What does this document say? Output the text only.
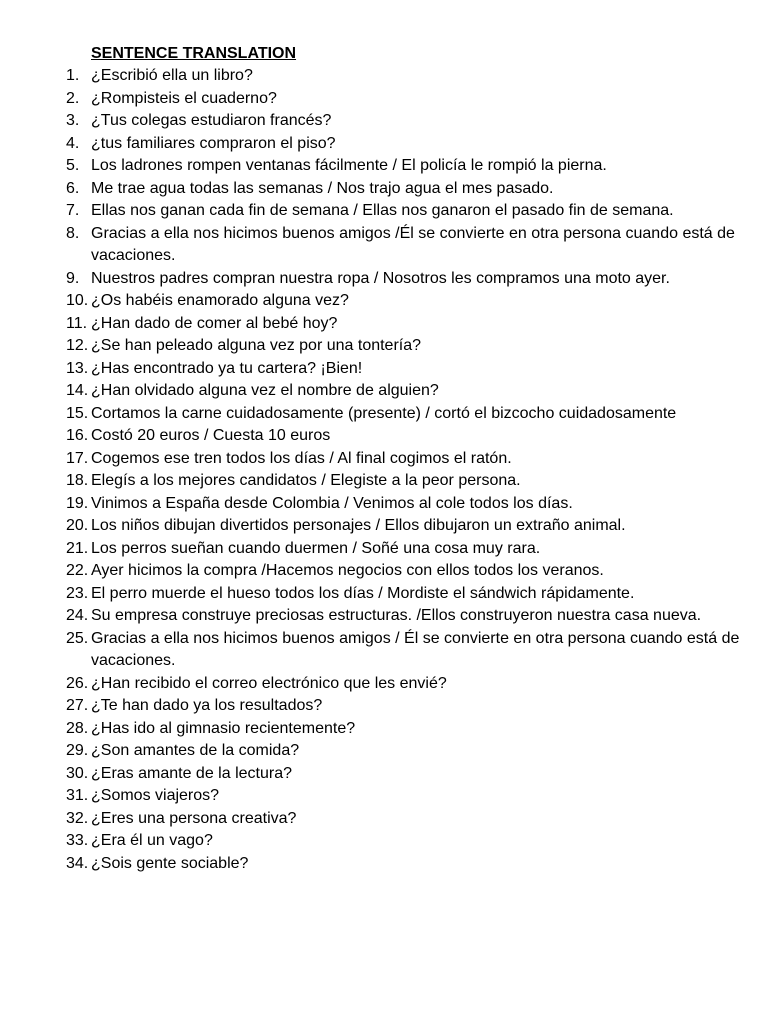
SENTENCE TRANSLATION
1. ¿Escribió ella un libro?
2. ¿Rompisteis el cuaderno?
3. ¿Tus colegas estudiaron francés?
4. ¿tus familiares compraron el piso?
5. Los ladrones rompen ventanas fácilmente / El policía le rompió la pierna.
6. Me trae agua todas las semanas / Nos trajo agua el mes pasado.
7. Ellas nos ganan cada fin de semana / Ellas nos ganaron el pasado fin de semana.
8. Gracias a ella nos hicimos buenos amigos /Él se convierte en otra persona cuando está de vacaciones.
9. Nuestros padres compran nuestra ropa / Nosotros les compramos una moto ayer.
10. ¿Os habéis enamorado alguna vez?
11. ¿Han dado de comer al bebé hoy?
12. ¿Se han peleado alguna vez por una tontería?
13. ¿Has encontrado ya tu cartera? ¡Bien!
14. ¿Han olvidado alguna vez el nombre de alguien?
15. Cortamos la carne cuidadosamente (presente) / cortó el bizcocho cuidadosamente
16. Costó 20 euros / Cuesta 10 euros
17. Cogemos ese tren todos los días / Al final cogimos el ratón.
18. Elegís a los mejores candidatos / Elegiste a la peor persona.
19. Vinimos a España desde Colombia / Venimos al cole todos los días.
20. Los niños dibujan divertidos personajes / Ellos dibujaron un extraño animal.
21. Los perros sueñan cuando duermen / Soñé una cosa muy rara.
22. Ayer hicimos la compra /Hacemos negocios con ellos todos los veranos.
23. El perro muerde el hueso todos los días / Mordiste el sándwich rápidamente.
24. Su empresa construye preciosas estructuras. /Ellos construyeron nuestra casa nueva.
25. Gracias a ella nos hicimos buenos amigos / Él se convierte en otra persona cuando está de vacaciones.
26. ¿Han recibido el correo electrónico que les envié?
27. ¿Te han dado ya los resultados?
28. ¿Has ido al gimnasio recientemente?
29. ¿Son amantes de la comida?
30. ¿Eras amante de la lectura?
31. ¿Somos viajeros?
32. ¿Eres una persona creativa?
33. ¿Era él un vago?
34. ¿Sois gente sociable?
